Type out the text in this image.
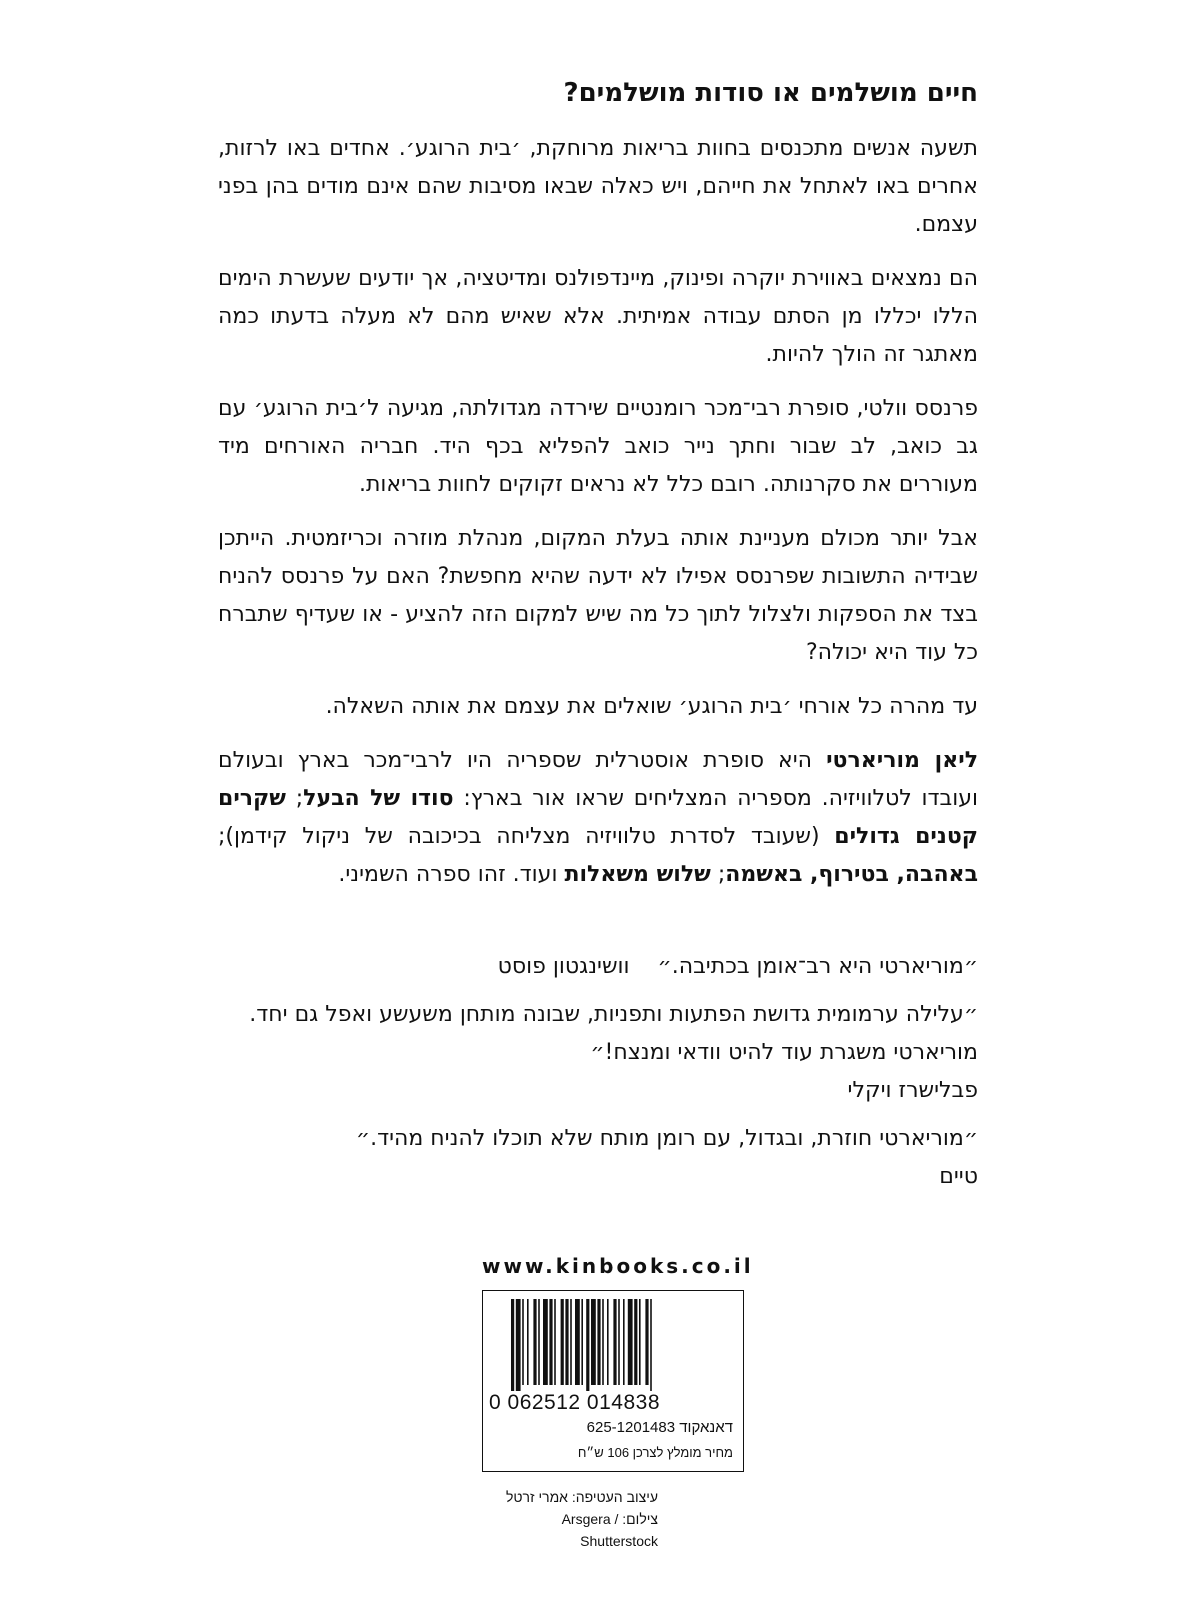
חיים מושלמים או סודות מושלמים?

תשעה אנשים מתכנסים בחוות בריאות מרוחקת, ׳בית הרוגע׳. אחדים באו לרזות, אחרים באו לאתחל את חייהם, ויש כאלה שבאו מסיבות שהם אינם מודים בהן בפני עצמם.

הם נמצאים באווירת יוקרה ופינוק, מיינדפולנס ומדיטציה, אך יודעים שעשרת הימים הללו יכללו מן הסתם עבודה אמיתית. אלא שאיש מהם לא מעלה בדעתו כמה מאתגר זה הולך להיות.

פרנסס וולטי, סופרת רבי־מכר רומנטיים שירדה מגדולתה, מגיעה ל׳בית הרוגע׳ עם גב כואב, לב שבור וחתך נייר כואב להפליא בכף היד. חבריה האורחים מיד מעוררים את סקרנותה. רובם כלל לא נראים זקוקים לחוות בריאות.

אבל יותר מכולם מעניינת אותה בעלת המקום, מנהלת מוזרה וכריזמטית. הייתכן שבידיה התשובות שפרנסס אפילו לא ידעה שהיא מחפשת? האם על פרנסס להניח בצד את הספקות ולצלול לתוך כל מה שיש למקום הזה להציע - או שעדיף שתברח כל עוד היא יכולה?

עד מהרה כל אורחי ׳בית הרוגע׳ שואלים את עצמם את אותה השאלה.

ליאן מוריארטי היא סופרת אוסטרלית שספריה היו לרבי־מכר בארץ ובעולם ועובדו לטלוויזיה. מספריה המצליחים שראו אור בארץ: סודו של הבעל; שקרים קטנים גדולים (שעובד לסדרת טלוויזיה מצליחה בכיכובה של ניקול קידמן); באהבה, בטירוף, באשמה; שלוש משאלות ועוד. זהו ספרה השמיני.

״מוריארטי היא רב־אומן בכתיבה.״וושינגטון פוסט

״עלילה ערמומית גדושת הפתעות ותפניות, שבונה מותחן משעשע ואפל גם יחד. מוריארטי משגרת עוד להיט וודאי ומנצח!״
פבלישרז ויקלי

״מוריארטי חוזרת, ובגדול, עם רומן מותח שלא תוכלו להניח מהיד.״
טיים

www.kinbooks.co.il
0 062512 014838
דאנאקוד 625-1201483
מחיר מומלץ לצרכן 106 ש״ח
עיצוב העטיפה: אמרי זרטל
צילום: Arsgera / Shutterstock
